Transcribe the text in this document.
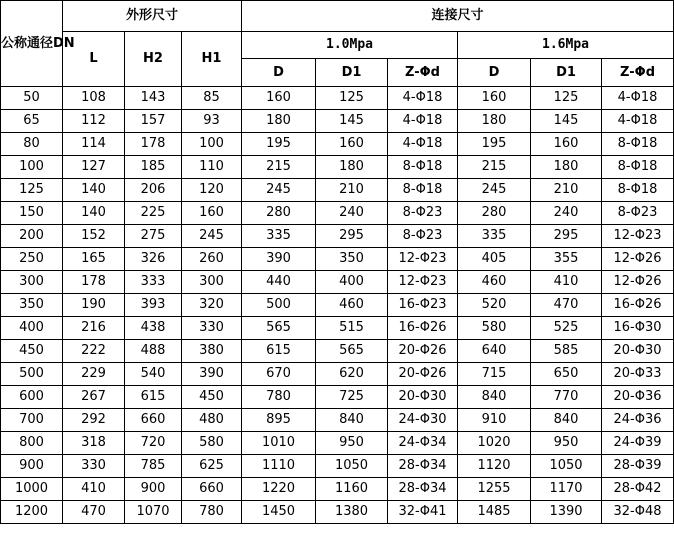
公称通径DN	外形尺寸			连接尺寸					
	L	H2	H1	1.0Mpa			1.6Mpa		
				D	D1	Z-Φd	D	D1	Z-Φd
50	108	143	85	160	125	4-Φ18	160	125	4-Φ18
65	112	157	93	180	145	4-Φ18	180	145	4-Φ18
80	114	178	100	195	160	4-Φ18	195	160	8-Φ18
100	127	185	110	215	180	8-Φ18	215	180	8-Φ18
125	140	206	120	245	210	8-Φ18	245	210	8-Φ18
150	140	225	160	280	240	8-Φ23	280	240	8-Φ23
200	152	275	245	335	295	8-Φ23	335	295	12-Φ23
250	165	326	260	390	350	12-Φ23	405	355	12-Φ26
300	178	333	300	440	400	12-Φ23	460	410	12-Φ26
350	190	393	320	500	460	16-Φ23	520	470	16-Φ26
400	216	438	330	565	515	16-Φ26	580	525	16-Φ30
450	222	488	380	615	565	20-Φ26	640	585	20-Φ30
500	229	540	390	670	620	20-Φ26	715	650	20-Φ33
600	267	615	450	780	725	20-Φ30	840	770	20-Φ36
700	292	660	480	895	840	24-Φ30	910	840	24-Φ36
800	318	720	580	1010	950	24-Φ34	1020	950	24-Φ39
900	330	785	625	1110	1050	28-Φ34	1120	1050	28-Φ39
1000	410	900	660	1220	1160	28-Φ34	1255	1170	28-Φ42
1200	470	1070	780	1450	1380	32-Φ41	1485	1390	32-Φ48
